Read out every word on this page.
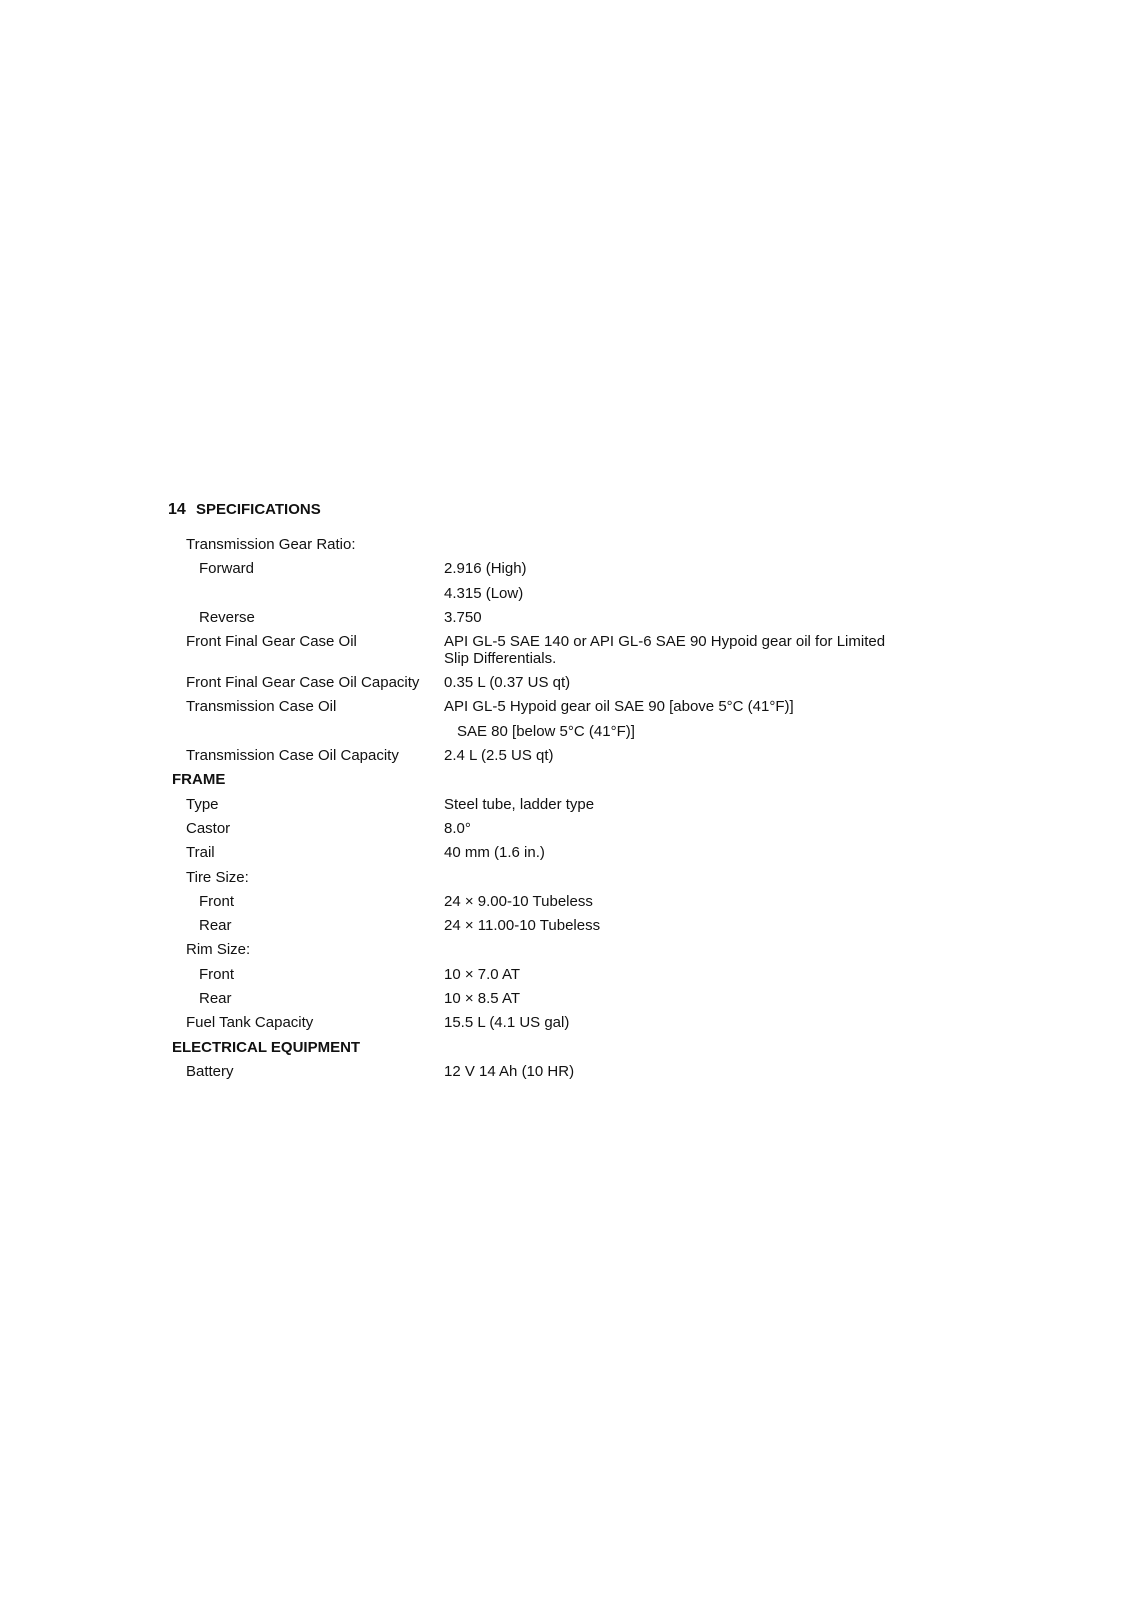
14 SPECIFICATIONS
Transmission Gear Ratio:
Forward	2.916 (High)
4.315 (Low)
Reverse	3.750
Front Final Gear Case Oil	API GL-5 SAE 140 or API GL-6 SAE 90 Hypoid gear oil for Limited Slip Differentials.
Front Final Gear Case Oil Capacity 0.35 L (0.37 US qt)
Transmission Case Oil	API GL-5 Hypoid gear oil SAE 90 [above 5°C (41°F)]
SAE 80 [below 5°C (41°F)]
Transmission Case Oil Capacity	2.4 L (2.5 US qt)
FRAME
Type	Steel tube, ladder type
Castor	8.0°
Trail	40 mm (1.6 in.)
Tire Size:
Front	24 × 9.00-10 Tubeless
Rear	24 × 11.00-10 Tubeless
Rim Size:
Front	10 × 7.0 AT
Rear	10 × 8.5 AT
Fuel Tank Capacity	15.5 L (4.1 US gal)
ELECTRICAL EQUIPMENT
Battery	12 V 14 Ah (10 HR)
